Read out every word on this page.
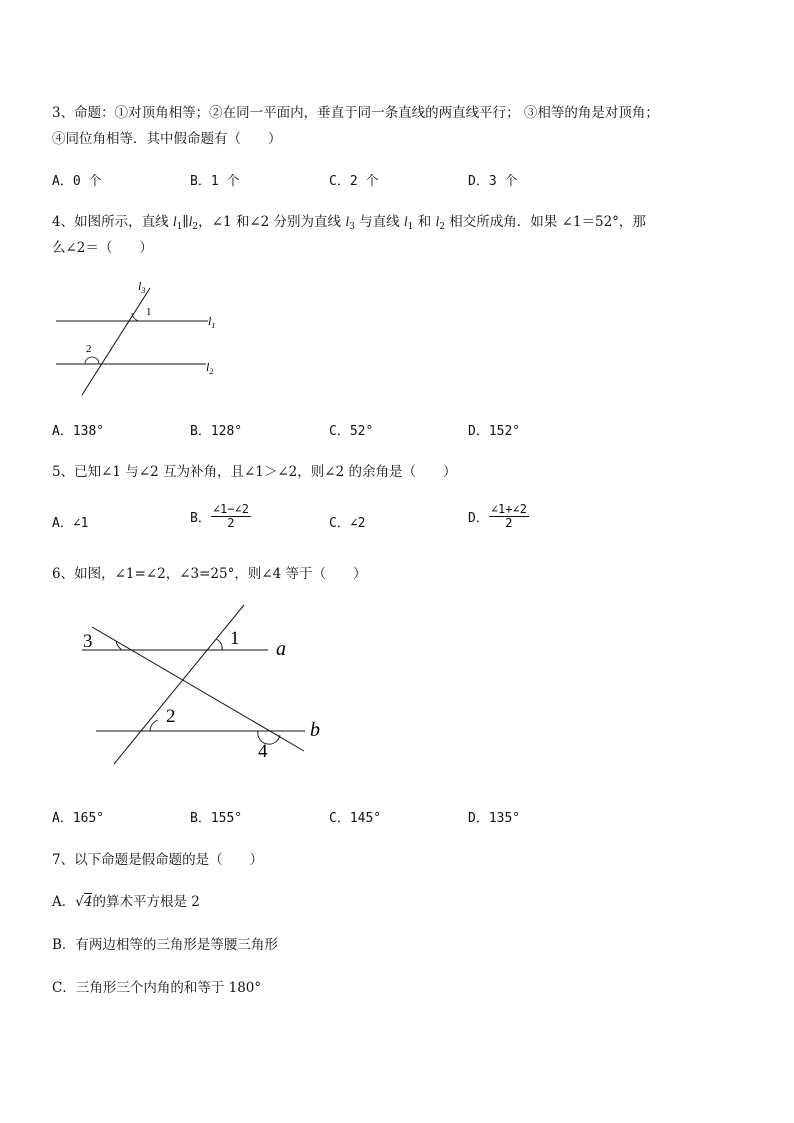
3、命题：①对顶角相等；②在同一平面内，垂直于同一条直线的两直线平行； ③相等的角是对顶角；
④同位角相等．其中假命题有（　　）
A．0 个	B．1 个	C．2 个	D．3 个
4、如图所示，直线 $l_1\parallel l_2$，∠1 和∠2 分别为直线 $l_3$ 与直线 $l_1$ 和 $l_2$ 相交所成角．如果 ∠1＝52°，那
么∠2＝（　　）
$l_3$
1
$l_1$
2
$l_2$
A．138°	B．128°	C．52°	D．152°
5、已知∠1 与∠2 互为补角，且∠1＞∠2，则∠2 的余角是（　　）
A．∠1	B． $\frac{\angle 1-\angle 2}{2}$	C．∠2	D． $\frac{\angle 1+\angle 2}{2}$
6、如图，∠1=∠2，∠3=25°，则∠4 等于（　　）
1
2
3
4
a
b
A．165°	B．155°	C．145°	D．135°
7、以下命题是假命题的是（　　）
A．√4的算术平方根是 2
B．有两边相等的三角形是等腰三角形
C．三角形三个内角的和等于 180°
